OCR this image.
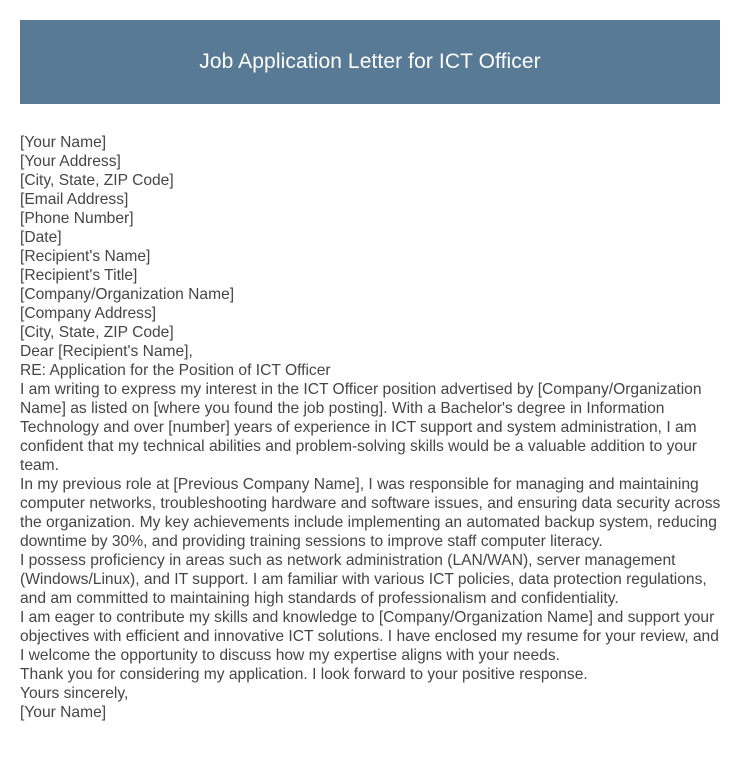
Job Application Letter for ICT Officer

[Your Name]

[Your Address]

[City, State, ZIP Code]

[Email Address]

[Phone Number]

[Date]

[Recipient's Name]

[Recipient's Title]

[Company/Organization Name]

[Company Address]

[City, State, ZIP Code]

Dear [Recipient's Name],

RE: Application for the Position of ICT Officer

I am writing to express my interest in the ICT Officer position advertised by [Company/Organization Name] as listed on [where you found the job posting]. With a Bachelor's degree in Information Technology and over [number] years of experience in ICT support and system administration, I am confident that my technical abilities and problem-solving skills would be a valuable addition to your team.

In my previous role at [Previous Company Name], I was responsible for managing and maintaining computer networks, troubleshooting hardware and software issues, and ensuring data security across the organization. My key achievements include implementing an automated backup system, reducing downtime by 30%, and providing training sessions to improve staff computer literacy.

I possess proficiency in areas such as network administration (LAN/WAN), server management (Windows/Linux), and IT support. I am familiar with various ICT policies, data protection regulations, and am committed to maintaining high standards of professionalism and confidentiality.

I am eager to contribute my skills and knowledge to [Company/Organization Name] and support your objectives with efficient and innovative ICT solutions. I have enclosed my resume for your review, and I welcome the opportunity to discuss how my expertise aligns with your needs.

Thank you for considering my application. I look forward to your positive response.

Yours sincerely,

[Your Name]
